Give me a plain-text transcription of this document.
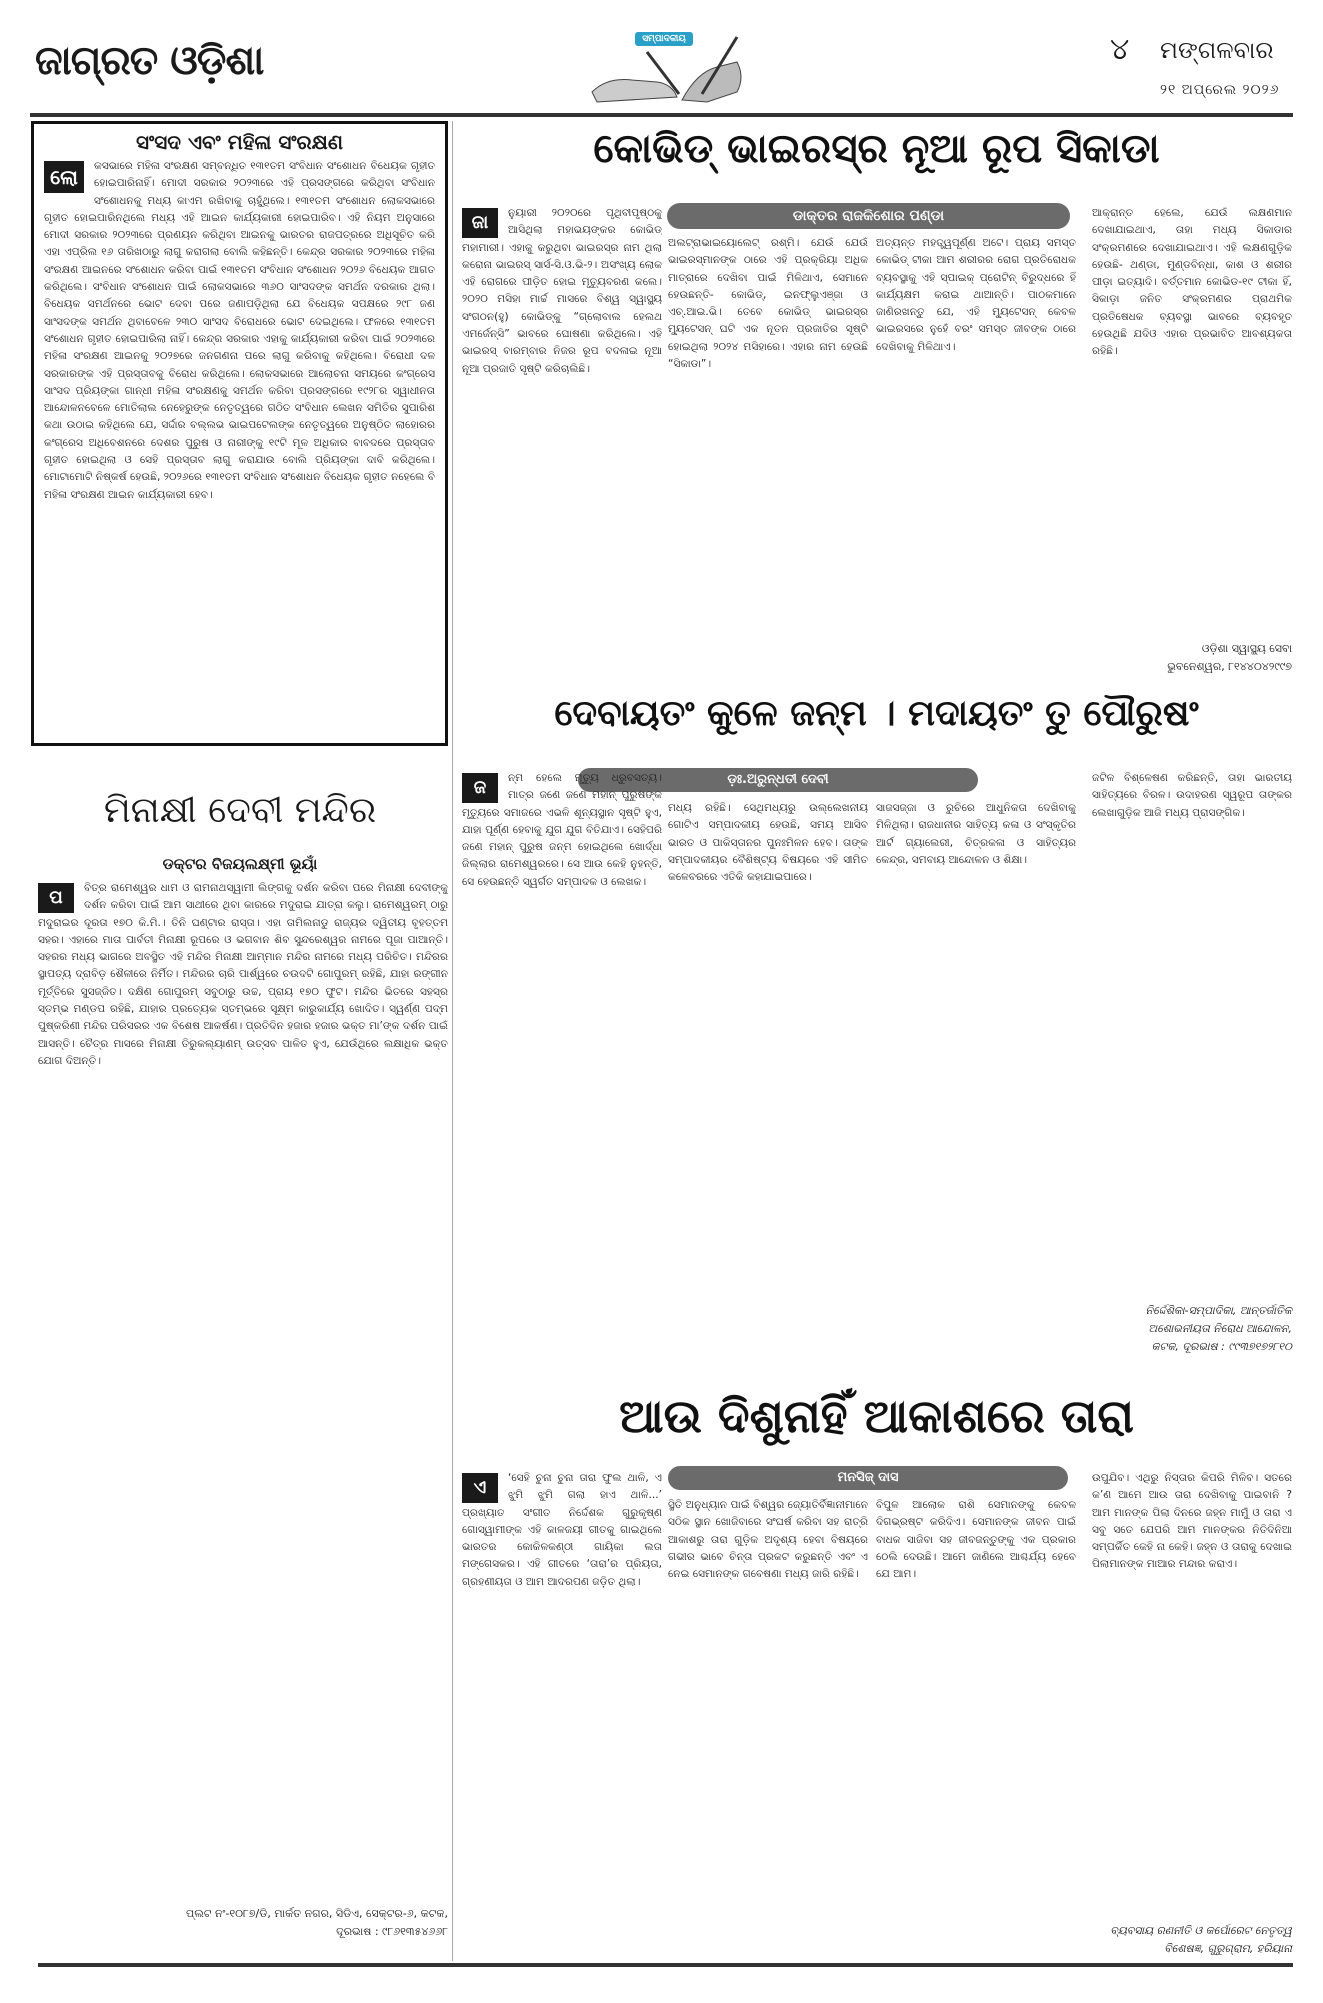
ଜାଗ୍ରତ ଓଡ଼ିଶା	ସମ୍ପାଦକୀୟ	୪ ମଙ୍ଗଳବାର
୨୧ ଅପ୍ରେଲ ୨୦୨୬
ସଂସଦ ଏବଂ ମହିଳା ସଂରକ୍ଷଣ
ଲୋ	କସଭାରେ ମହିଳା ସଂରକ୍ଷଣ ସମ୍ବନ୍ଧିତ ୧୩୧ତମ ସଂବିଧାନ ସଂଶୋଧନ ବିଧେୟକ ଗୃହୀତ ହୋଇପାରିନାହିଁ। ମୋଦୀ ସରକାର ୨୦୨୩ରେ ଏହି ପ୍ରସଙ୍ଗରେ କରିଥିବା ସଂବିଧାନ ସଂଶୋଧନକୁ ମଧ୍ୟ କାଏମ ରଖିବାକୁ ଚାହୁଁଥିଲେ। ୧୩୧ତମ ସଂଶୋଧନ ଲୋକସଭାରେ ଗୃହୀତ ହୋଇପାରିନଥିଲେ ମଧ୍ୟ ଏହି ଆଇନ କାର୍ଯ୍ୟକାରୀ ହୋଇପାରିବ। ଏହି ନିୟମ ଅନୁସାରେ ମୋଦୀ ସରକାର ୨୦୨୩ରେ ପ୍ରଣୟନ କରିଥିବା ଆଇନକୁ ଭାରତର ରାଜପତ୍ରରେ ଅଧିସୂଚିତ କରି ଏହା ଏପ୍ରିଲ ୧୬ ତାରିଖଠାରୁ ଲାଗୁ କରାଗଲା ବୋଲି କହିଛନ୍ତି। କେନ୍ଦ୍ର ସରକାର ୨୦୨୩ରେ ମହିଳା ସଂରକ୍ଷଣ ଆଇନରେ ସଂଶୋଧନ କରିବା ପାଇଁ ୧୩୧ତମ ସଂବିଧାନ ସଂଶୋଧନ ୨୦୨୬ ବିଧେୟକ ଆଗତ କରିଥିଲେ। ସଂବିଧାନ ସଂଶୋଧନ ପାଇଁ ଲୋକସଭାରେ ୩୬୦ ସାଂସଦଙ୍କ ସମର୍ଥନ ଦରକାର ଥିଲା। ବିଧେୟକ ସମର୍ଥନରେ ଭୋଟ ଦେବା ପରେ ଜଣାପଡ଼ିଥିଲା ଯେ ବିଧେୟକ ସପକ୍ଷରେ ୨୯୮ ଜଣ ସାଂସଦଙ୍କ ସମର୍ଥନ ଥିବାବେଳେ ୨୩୦ ସାଂସଦ ବିରୋଧରେ ଭୋଟ ଦେଇଥିଲେ। ଫଳରେ ୧୩୧ତମ ସଂଶୋଧନ ଗୃହୀତ ହୋଇପାରିଲା ନାହିଁ। କେନ୍ଦ୍ର ସରକାର ଏହାକୁ କାର୍ଯ୍ୟକାରୀ କରିବା ପାଇଁ ୨୦୨୩ରେ ମହିଳା ସଂରକ୍ଷଣ ଆଇନକୁ ୨୦୨୭ରେ ଜନଗଣନା ପରେ ଲାଗୁ କରିବାକୁ କହିଥିଲେ। ବିରୋଧୀ ଦଳ ସରକାରଙ୍କ ଏହି ପ୍ରସ୍ତାବକୁ ବିରୋଧ କରିଥିଲେ। ଲୋକସଭାରେ ଆଲୋଚନା ସମୟରେ କଂଗ୍ରେସ ସାଂସଦ ପ୍ରିୟଙ୍କା ଗାନ୍ଧୀ ମହିଳା ସଂରକ୍ଷଣକୁ ସମର୍ଥନ କରିବା ପ୍ରସଙ୍ଗରେ ୧୯୨୮ର ସ୍ୱାଧୀନତା ଆନ୍ଦୋଳନବେଳେ ମୋତିଲାଲ ନେହେରୁଙ୍କ ନେତୃତ୍ୱରେ ଗଠିତ ସଂବିଧାନ ଲେଖନ ସମିତିର ସୁପାରିଶ କଥା ଉଠାଇ କହିଥିଲେ ଯେ, ସର୍ଦ୍ଦାର ବଲ୍ଲଭ ଭାଇପଟେଲଙ୍କ ନେତୃତ୍ୱରେ ଅନୁଷ୍ଠିତ ଲାହୋରର କଂଗ୍ରେସ ଅଧିବେଶନରେ ଦେଶର ପୁରୁଷ ଓ ନାରୀଙ୍କୁ ୧୯ଟି ମୂଳ ଅଧିକାର ବାବଦରେ ପ୍ରସ୍ତାବ ଗୃହୀତ ହୋଇଥିଲା ଓ ସେହି ପ୍ରସ୍ତାବ ଲାଗୁ କରାଯାଉ ବୋଲି ପ୍ରିୟଙ୍କା ଦାବି କରିଥିଲେ। ମୋଟାମୋଟି ନିଷ୍କର୍ଷ ହେଉଛି, ୨୦୨୬ରେ ୧୩୧ତମ ସଂବିଧାନ ସଂଶୋଧନ ବିଧେୟକ ଗୃହୀତ ନହେଲେ ବି ମହିଳା ସଂରକ୍ଷଣ ଆଇନ କାର୍ଯ୍ୟକାରୀ ହେବ।
ମିନାକ୍ଷୀ ଦେବୀ ମନ୍ଦିର
ଡକ୍ଟର ବିଜୟଲକ୍ଷ୍ମୀ ଭୂୟାଁ
ପ	ବିତ୍ର ରାମେଶ୍ୱର ଧାମ ଓ ରାମନାଥସ୍ୱାମୀ ଲିଙ୍ଗକୁ ଦର୍ଶନ କରିବା ପରେ ମିନାକ୍ଷୀ ଦେବୀଙ୍କୁ ଦର୍ଶନ କରିବା ପାଇଁ ଆମ ସାଥୀରେ ଥିବା କାରରେ ମଦୁରାଇ ଯାତ୍ରା କଲୁ। ରାମେଶ୍ୱରମ୍ ଠାରୁ ମଦୁରାଇର ଦୂରତା ୧୭୦ କି.ମି.। ତିନି ଘଣ୍ଟାର ରାସ୍ତା। ଏହା ତାମିଲନାଡୁ ରାଜ୍ୟର ଦ୍ୱିତୀୟ ବୃହତ୍ତମ ସହର। ଏହାରେ ମାତା ପାର୍ବତୀ ମିନାକ୍ଷୀ ରୂପରେ ଓ ଭଗବାନ ଶିବ ସୁନ୍ଦରେଶ୍ୱର ନାମରେ ପୂଜା ପାଆନ୍ତି। ସହରର ମଧ୍ୟ ଭାଗରେ ଅବସ୍ଥିତ ଏହି ମନ୍ଦିର ମିନାକ୍ଷୀ ଆମ୍ମାନ ମନ୍ଦିର ନାମରେ ମଧ୍ୟ ପରିଚିତ। ମନ୍ଦିରର ସ୍ଥାପତ୍ୟ ଦ୍ରାବିଡ଼ ଶୈଳୀରେ ନିର୍ମିତ। ମନ୍ଦିରର ଚାରି ପାର୍ଶ୍ୱରେ ଚଉଦଟି ଗୋପୁରମ୍ ରହିଛି, ଯାହା ରଙ୍ଗୀନ ମୂର୍ତ୍ତିରେ ସୁସଜ୍ଜିତ। ଦକ୍ଷିଣ ଗୋପୁରମ୍ ସବୁଠାରୁ ଉଚ୍ଚ, ପ୍ରାୟ ୧୭୦ ଫୁଟ। ମନ୍ଦିର ଭିତରେ ସହସ୍ର ସ୍ତମ୍ଭ ମଣ୍ଡପ ରହିଛି, ଯାହାର ପ୍ରତ୍ୟେକ ସ୍ତମ୍ଭରେ ସୂକ୍ଷ୍ମ କାରୁକାର୍ଯ୍ୟ ଖୋଦିତ। ସ୍ୱର୍ଣ୍ଣ ପଦ୍ମ ପୁଷ୍କରିଣୀ ମନ୍ଦିର ପରିସରର ଏକ ବିଶେଷ ଆକର୍ଷଣ। ପ୍ରତିଦିନ ହଜାର ହଜାର ଭକ୍ତ ମା’ଙ୍କ ଦର୍ଶନ ପାଇଁ ଆସନ୍ତି। ଚୈତ୍ର ମାସରେ ମିନାକ୍ଷୀ ତିରୁକଲ୍ୟାଣମ୍ ଉତ୍ସବ ପାଳିତ ହୁଏ, ଯେଉଁଥିରେ ଲକ୍ଷାଧିକ ଭକ୍ତ ଯୋଗ ଦିଅନ୍ତି।
ପ୍ଲଟ ନଂ-୧୦୮୭/ଡି, ମାର୍କତ ନଗର, ସିଡିଏ, ସେକ୍ଟର-୬, କଟକ,
ଦୂରଭାଷ : ୯୮୬୧୩୫୪୬୬୮
କୋଭିଡ୍ ଭାଇରସ୍‌ର ନୂଆ ରୂପ ସିକାଡା
ଡାକ୍ତର ରାଜକିଶୋର ପଣ୍ଡା
ଜା	ନୁୟାରୀ ୨୦୨୦ରେ ପୃଥିବୀପୃଷ୍ଠକୁ ଆସିଥିଲା ମହାଭୟଙ୍କର କୋଭିଡ୍ ମହାମାରୀ। ଏହାକୁ କରୁଥିବା ଭାଇରସ୍‌ର ନାମ ଥିଲା କରୋନା ଭାଇରସ୍ ସାର୍ସ-ସି.ଓ.ଭି-୨। ଅସଂଖ୍ୟ ଲୋକ ଏହି ରୋଗରେ ପୀଡ଼ିତ ହୋଇ ମୃତ୍ୟୁବରଣ କଲେ। ୨୦୨୦ ମସିହା ମାର୍ଚ୍ଚ ମାସରେ ବିଶ୍ୱ ସ୍ୱାସ୍ଥ୍ୟ ସଂଗଠନ(ହୁ) କୋଭିଡ୍‌କୁ “ଗ୍ଲୋବାଲ ହେଲଥ ଏମର୍ଜେନ୍ସି” ଭାବରେ ଘୋଷଣା କରିଥିଲେ। ଏହି ଭାଇରସ୍ ବାରମ୍ବାର ନିଜର ରୂପ ବଦଳାଇ ନୂଆ ନୂଆ ପ୍ରଜାତି ସୃଷ୍ଟି କରିଚାଲିଛି।
ଅଲଟ୍ରାଭାଇୟୋଲେଟ୍ ରଶ୍ମି। ଯେଉଁ ଯେଉଁ ଭାଇରସ୍‌ମାନଙ୍କ ଠାରେ ଏହି ପ୍ରକ୍ରିୟା ଅଧିକ ମାତ୍ରାରେ ଦେଖିବା ପାଇଁ ମିଳିଥାଏ, ସେମାନେ ହେଉଛନ୍ତି- କୋଭିଡ୍, ଇନଫ୍ଲୁଏଞ୍ଜା ଓ ଏଚ୍.ଆଇ.ଭି। ତେବେ କୋଭିଡ୍ ଭାଇରସ୍‌ର ମ୍ୟୁଟେସନ୍ ଘଟି ଏକ ନୂତନ ପ୍ରଜାତିର ସୃଷ୍ଟି ହୋଇଥିଲା ୨୦୨୪ ମସିହାରେ। ଏହାର ନାମ ହେଉଛି “ସିକାଡା”।
ଅତ୍ୟନ୍ତ ମହତ୍ତ୍ୱପୂର୍ଣ୍ଣ ଅଟେ। ପ୍ରାୟ ସମସ୍ତ କୋଭିଡ୍ ଟୀକା ଆମ ଶରୀରର ରୋଗ ପ୍ରତିରୋଧକ ବ୍ୟବସ୍ଥାକୁ ଏହି ସ୍ପାଇକ୍ ପ୍ରୋଟିନ୍ ବିରୁଦ୍ଧରେ ହିଁ କାର୍ଯ୍ୟକ୍ଷମ କରାଇ ଥାଆନ୍ତି। ପାଠକମାନେ ଜାଣିରଖନ୍ତୁ ଯେ, ଏହି ମ୍ୟୁଟେସନ୍ କେବଳ ଭାଇରସରେ ନୁହେଁ ବରଂ ସମସ୍ତ ଜୀବଙ୍କ ଠାରେ ଦେଖିବାକୁ ମିଳିଥାଏ।
ଆକ୍ରାନ୍ତ ହେଲେ, ଯେଉଁ ଲକ୍ଷଣମାନ ଦେଖାଯାଇଥାଏ, ତାହା ମଧ୍ୟ ସିକାଡାର ସଂକ୍ରମଣରେ ଦେଖାଯାଇଥାଏ। ଏହି ଲକ୍ଷଣଗୁଡ଼ିକ ହେଉଛି- ଥଣ୍ଡା, ମୁଣ୍ଡବିନ୍ଧା, କାଶ ଓ ଶରୀର ପୀଡ଼ା ଇତ୍ୟାଦି। ବର୍ତ୍ତମାନ କୋଭିଡ-୧୯ ଟୀକା ହିଁ, ସିକାଡ଼ା ଜନିତ ସଂକ୍ରମଣର ପ୍ରାଥମିକ ପ୍ରତିଷେଧକ ବ୍ୟବସ୍ଥା ଭାବରେ ବ୍ୟବହୃତ ହେଉଥିଛି ଯଦିଓ ଏହାର ପ୍ରଭାବିତ ଆବଶ୍ୟକତା ରହିଛି।
ଓଡ଼ିଶା ସ୍ୱାସ୍ଥ୍ୟ ସେବା
ଭୁବନେଶ୍ୱର, ୮୧୪୪୦୪୨୯୯୭
ଦେବାୟତଂ କୁଳେ ଜନ୍ମ । ମଦାୟତଂ ତୁ ପୌରୁଷଂ
ଡ଼ଃ.ଅରୁନ୍ଧତୀ ଦେବୀ
ଜ	ନ୍ମ ହେଲେ ମୃତ୍ୟୁ ଧ୍ରୁବସତ୍ୟ। ମାତ୍ର ଜଣେ ଜଣେ ମହାନ୍ ପୁରୁଷଙ୍କ ମୃତ୍ୟୁରେ ସମାଜରେ ଏଭଳି ଶୂନ୍ୟସ୍ଥାନ ସୃଷ୍ଟି ହୁଏ, ଯାହା ପୂର୍ଣ୍ଣ ହେବାକୁ ଯୁଗ ଯୁଗ ବିତିଯାଏ। ସେହିପରି ଜଣେ ମହାନ୍ ପୁରୁଷ ଜନ୍ମ ହୋଇଥିଲେ ଖୋର୍ଦ୍ଧା ଜିଲ୍ଲାର ରାମେଶ୍ୱରରେ। ସେ ଆଉ କେହି ନୁହନ୍ତି, ସେ ହେଉଛନ୍ତି ସ୍ୱର୍ଗତ ସମ୍ପାଦକ ଓ ଲେଖକ।
ମଧ୍ୟ ରହିଛି। ସେଥିମଧ୍ୟରୁ ଉଲ୍ଲେଖନୀୟ ଗୋଟିଏ ସମ୍ପାଦକୀୟ ହେଉଛି, ସମୟ ଆସିବ ଭାରତ ଓ ପାକିସ୍ତାନର ପୁନଃମିଳନ ହେବ। ତାଙ୍କ ସମ୍ପାଦକୀୟର ବୈଶିଷ୍ଟ୍ୟ ବିଷୟରେ ଏହି ସୀମିତ କଳେବରରେ ଏତିକି କହାଯାଇପାରେ।
ସାଜସଜ୍ଜା ଓ ରୁଚିରେ ଆଧୁନିକତା ଦେଖିବାକୁ ମିଳିଥିଲା। ରାଜଧାନୀର ସାହିତ୍ୟ କଳା ଓ ସଂସ୍କୃତିର ଆର୍ଟ ଗ୍ୟାଲେରୀ, ଚିତ୍ରକଳା ଓ ସାହିତ୍ୟର କେନ୍ଦ୍ର, ସମବାୟ ଆନ୍ଦୋଳନ ଓ ଶିକ୍ଷା।
ଜଟିଳ ବିଶ୍ଳେଷଣ କରିଛନ୍ତି, ତାହା ଭାରତୀୟ ସାହିତ୍ୟରେ ବିରଳ। ଉଦାହରଣ ସ୍ୱରୂପ ତାଙ୍କର ଲେଖାଗୁଡ଼ିକ ଆଜି ମଧ୍ୟ ପ୍ରାସଙ୍ଗିକ।
ନିର୍ଦ୍ଦେଶିକା-ସମ୍ପାଦିକା, ଆନ୍ତର୍ଜାତିକ
ଅଶୋଭନୀୟତା ନିରୋଧ ଆନ୍ଦୋଳନ,
କଟକ, ଦୂରଭାଷ : ୯୯୩୭୧୭୨୮୧୦
ଆଉ ଦିଶୁନାହିଁ ଆକାଶରେ ତାରା
ମନସିଜ୍ ଦାସ
ଏ	‘ସେହି ଚୁନା ଚୁନା ତାରା ଫୁଲ ଥାଳି, ଏ ଝୁମି ଝୁମି ଗଲା ହାଏ ଥାଳି...’ ପ୍ରଖ୍ୟାତ ସଂଗୀତ ନିର୍ଦ୍ଦେଶକ ଗୁରୁକୃଷ୍ଣ ଗୋସ୍ୱାମୀଙ୍କ ଏହି କାଳଜୟୀ ଗୀତକୁ ଗାଇଥିଲେ ଭାରତର କୋକିଳକଣ୍ଠୀ ଗାୟିକା ଲତା ମଙ୍ଗେସକର। ଏହି ଗୀତରେ ‘ତାରା’ର ପ୍ରିୟତା, ଗ୍ରହଣୀୟତା ଓ ଆମ ଆଦରପଣ ଜଡ଼ିତ ଥିଲା।
ସ୍ଥିତି ଅନୁଧ୍ୟାନ ପାଇଁ ବିଶ୍ୱର ଜ୍ୟୋତିର୍ବିଜ୍ଞାନୀମାନେ ସଠିକ ସ୍ଥାନ ଖୋଜିବାରେ ସଂଘର୍ଷ କରିବା ସହ ରାତ୍ରି ଆକାଶରୁ ତାରା ଗୁଡ଼ିକ ଅଦୃଶ୍ୟ ହେବା ବିଷୟରେ ଗଭୀର ଭାବେ ଚିନ୍ତା ପ୍ରକଟ କରୁଛନ୍ତି ଏବଂ ଏ ନେଇ ସେମାନଙ୍କ ଗବେଷଣା ମଧ୍ୟ ଜାରି ରହିଛି।
ବିପୁଳ ଆଲୋକ ରାଶି ସେମାନଙ୍କୁ କେବଳ ଦିଗଭ୍ରଷ୍ଟ କରିଦିଏ। ସେମାନଙ୍କ ଜୀବନ ପାଇଁ ବାଧକ ସାଜିବା ସହ ଜୀବଜନ୍ତୁଙ୍କୁ ଏକ ପ୍ରକାର ଠେଲି ଦେଉଛି। ଆମେ ଜାଣିଲେ ଆଶ୍ଚର୍ଯ୍ୟ ହେବେ ଯେ ଆମ।
ଉପୁଯିବ। ଏଥିରୁ ନିସ୍ତାର କିପରି ମିଳିବ। ସତରେ କ’ଣ ଆମେ ଆଉ ତାରା ଦେଖିବାକୁ ପାଇବାନି ? ଆମ ମାନଙ୍କ ପିଲା ଦିନରେ ଜହ୍ନ ମାମୁଁ ଓ ତାରା ଏ ସବୁ ସତେ ଯେପରି ଆମ ମାନଙ୍କର ନିତିଦିନିଆ ସମ୍ପର୍କିତ କେହି ନା କେହି। ଜହ୍ନ ଓ ତାରାକୁ ଦେଖାଇ ପିଲାମାନଙ୍କ ମାଆର ମନ୍ଦାର କରାଏ।
ବ୍ୟବସାୟ ରଣନୀତି ଓ କର୍ପୋରେଟ ନେତୃତ୍ୱ
ବିଶେଷଜ୍ଞ, ଗୁରୁଗ୍ରାମ, ହରିୟାନା
